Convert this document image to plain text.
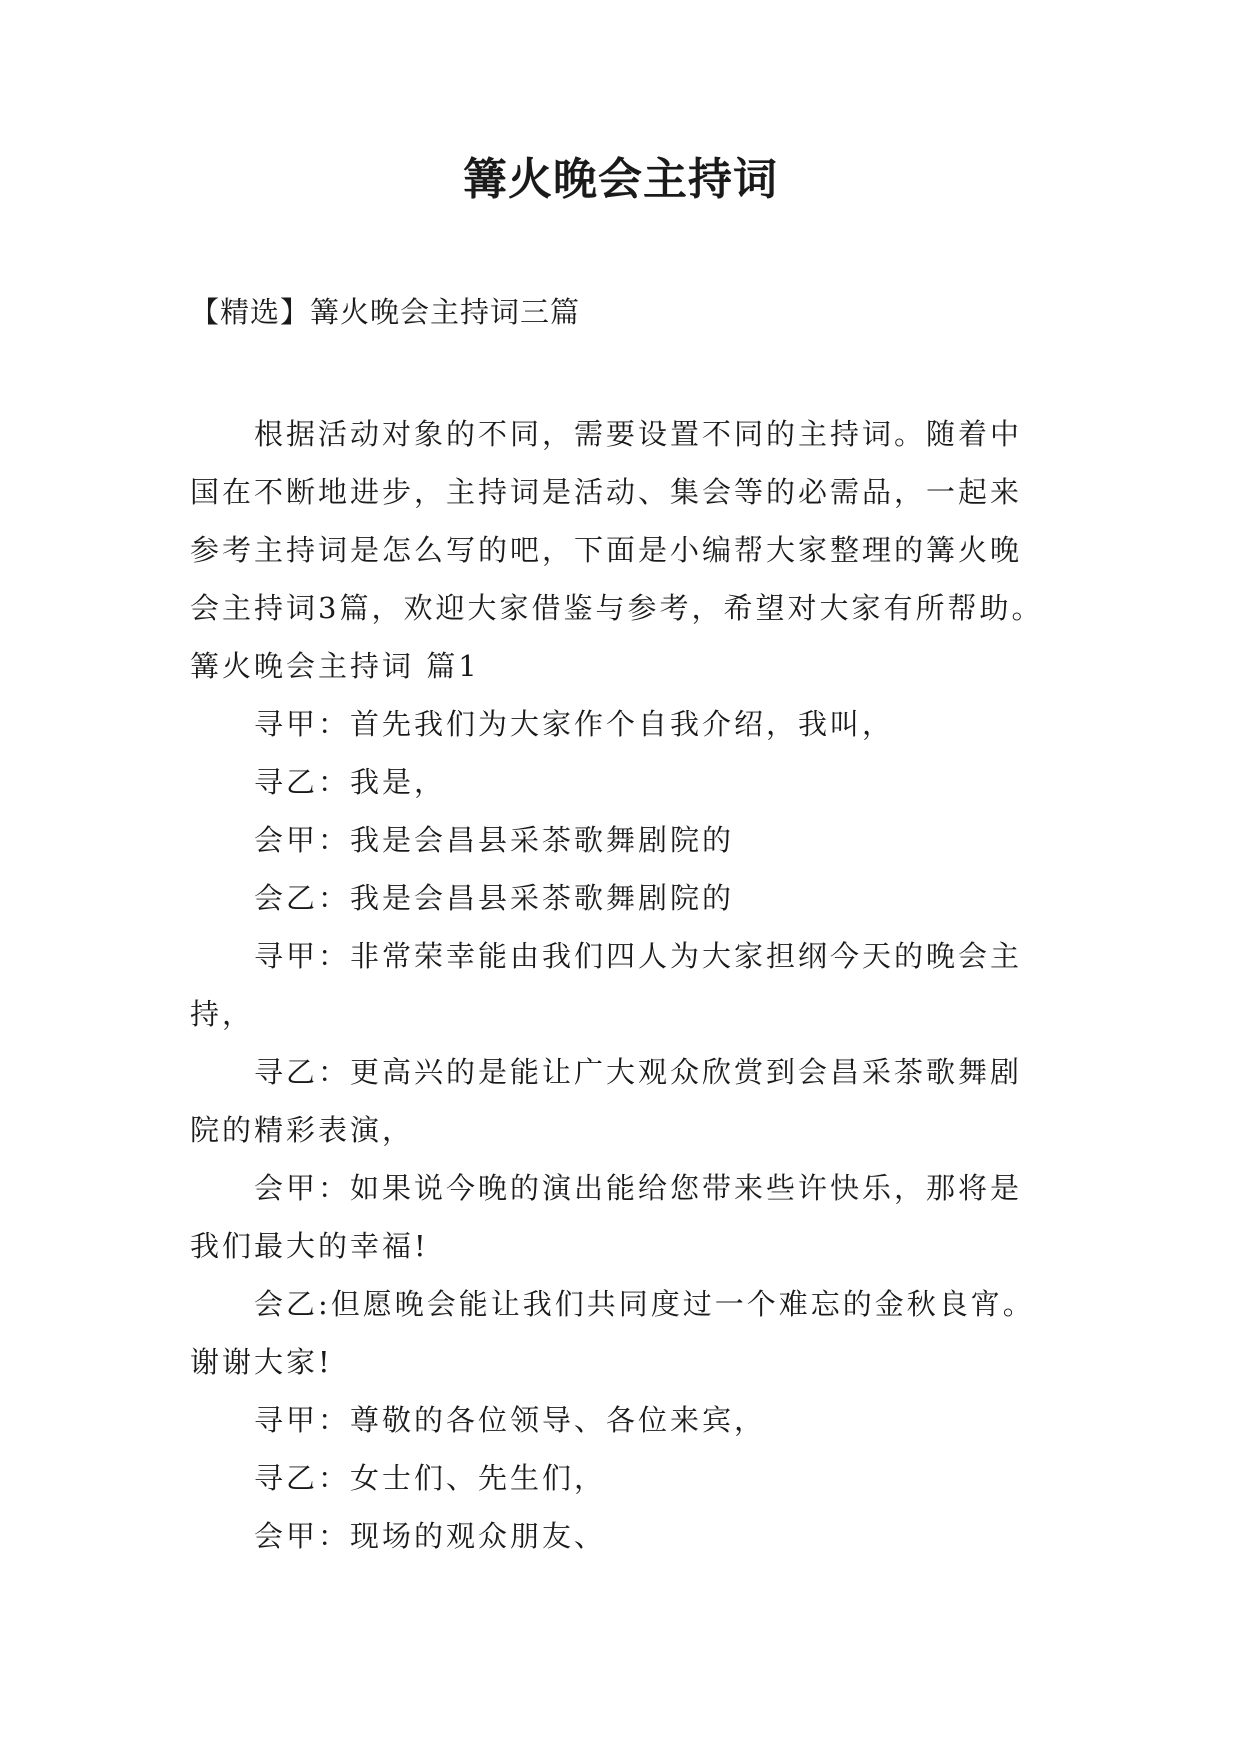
篝火晚会主持词
【精选】篝火晚会主持词三篇

根据活动对象的不同，需要设置不同的主持词。随着中国在不断地进步，主持词是活动、集会等的必需品，一起来参考主持词是怎么写的吧，下面是小编帮大家整理的篝火晚会主持词3篇，欢迎大家借鉴与参考，希望对大家有所帮助。

篝火晚会主持词 篇1

寻甲：首先我们为大家作个自我介绍，我叫，

寻乙：我是，

会甲：我是会昌县采茶歌舞剧院的

会乙：我是会昌县采茶歌舞剧院的

寻甲：非常荣幸能由我们四人为大家担纲今天的晚会主持，

寻乙：更高兴的是能让广大观众欣赏到会昌采茶歌舞剧院的精彩表演，

会甲：如果说今晚的演出能给您带来些许快乐，那将是我们最大的幸福!

会乙:但愿晚会能让我们共同度过一个难忘的金秋良宵。谢谢大家!

寻甲：尊敬的各位领导、各位来宾，

寻乙：女士们、先生们，

会甲：现场的观众朋友、
